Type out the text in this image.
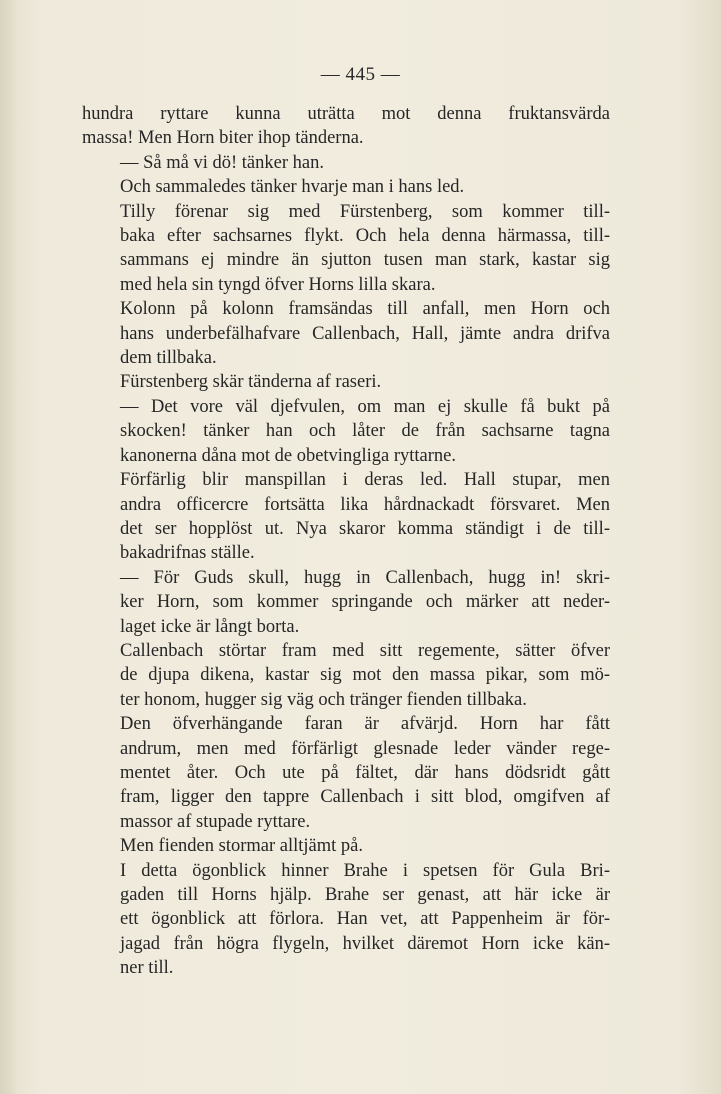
— 445 —
hundra ryttare kunna uträtta mot denna fruktansvärda
massa! Men Horn biter ihop tänderna.
— Så må vi dö! tänker han.
Och sammaledes tänker hvarje man i hans led.
Tilly förenar sig med Fürstenberg, som kommer till-
baka efter sachsarnes flykt. Och hela denna härmassa, till-
sammans ej mindre än sjutton tusen man stark, kastar sig
med hela sin tyngd öfver Horns lilla skara.
Kolonn på kolonn framsändas till anfall, men Horn och
hans underbefälhafvare Callenbach, Hall, jämte andra drifva
dem tillbaka.
Fürstenberg skär tänderna af raseri.
— Det vore väl djefvulen, om man ej skulle få bukt på
skocken! tänker han och låter de från sachsarne tagna
kanonerna dåna mot de obetvingliga ryttarne.
Förfärlig blir manspillan i deras led. Hall stupar, men
andra officercre fortsätta lika hårdnackadt försvaret. Men
det ser hopplöst ut. Nya skaror komma ständigt i de till-
bakadrifnas ställe.
— För Guds skull, hugg in Callenbach, hugg in! skri-
ker Horn, som kommer springande och märker att neder-
laget icke är långt borta.
Callenbach störtar fram med sitt regemente, sätter öfver
de djupa dikena, kastar sig mot den massa pikar, som mö-
ter honom, hugger sig väg och tränger fienden tillbaka.
Den öfverhängande faran är afvärjd. Horn har fått
andrum, men med förfärligt glesnade leder vänder rege-
mentet åter. Och ute på fältet, där hans dödsridt gått
fram, ligger den tappre Callenbach i sitt blod, omgifven af
massor af stupade ryttare.
Men fienden stormar alltjämt på.
I detta ögonblick hinner Brahe i spetsen för Gula Bri-
gaden till Horns hjälp. Brahe ser genast, att här icke är
ett ögonblick att förlora. Han vet, att Pappenheim är för-
jagad från högra flygeln, hvilket däremot Horn icke kän-
ner till.
